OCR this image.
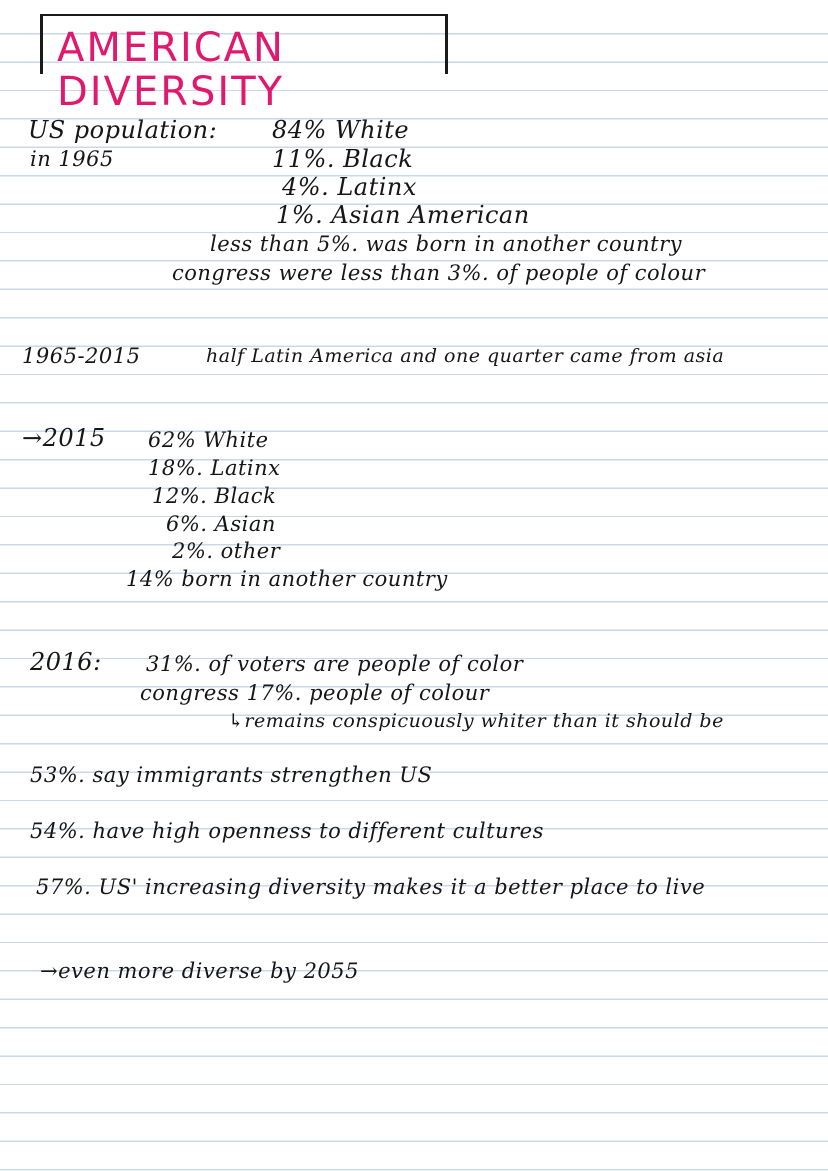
AMERICAN DIVERSITY
US population:
in 1965
84% White
11%. Black
4%. Latinx
1%. Asian American
less than 5%. was born in another country
congress were less than 3%. of people of colour
1965-2015	half Latin America and one quarter came from asia
→2015 62% White
18%. Latinx
12%. Black
6%. Asian
2%. other
14% born in another country
2016: 31%. of voters are people of color
congress 17%. people of colour
↳remains conspicuously whiter than it should be
53%. say immigrants strengthen US
54%. have high openness to different cultures
57%. US' increasing diversity makes it a better place to live
→even more diverse by 2055
